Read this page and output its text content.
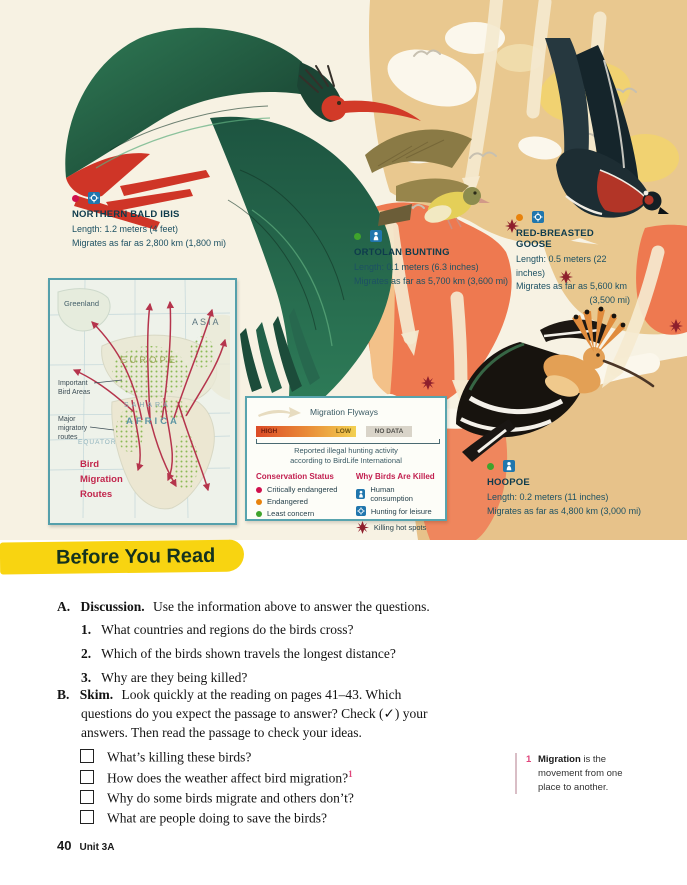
Greenland
ASIA
EUROPE
Important
Bird Areas
Major
migratory
routes
SAHARA
AFRICA
EQUATOR
Bird
Migration
Routes
NORTHERN BALD IBIS
Length: 1.2 meters (4 feet)
Migrates as far as 2,800 km (1,800 mi)
ORTOLAN BUNTING
Length: 0.1 meters (6.3 inches)
Migrates as far as 5,700 km (3,600 mi)
RED-BREASTED GOOSE
Length: 0.5 meters (22 inches)
Migrates as far as 5,600 km
(3,500 mi)
HOOPOE
Length: 0.2 meters (11 inches)
Migrates as far as 4,800 km (3,000 mi)
Migration Flyways
HIGH	LOW	NO DATA
Reported illegal hunting activity
according to BirdLife International
Conservation Status
Critically endangered
Endangered
Least concern
Why Birds Are Killed
Human consumption
Hunting for leisure
Killing hot spots
Before You Read
A. Discussion. Use the information above to answer the questions.
1. What countries and regions do the birds cross?
2. Which of the birds shown travels the longest distance?
3. Why are they being killed?
B. Skim. Look quickly at the reading on pages 41–43. Which
questions do you expect the passage to answer? Check (✓) your
answers. Then read the passage to check your ideas.
What’s killing these birds?
How does the weather affect bird migration?$^1$
Why do some birds migrate and others don’t?
What are people doing to save the birds?
1 Migration is the movement from one place to another.
40 Unit 3A
